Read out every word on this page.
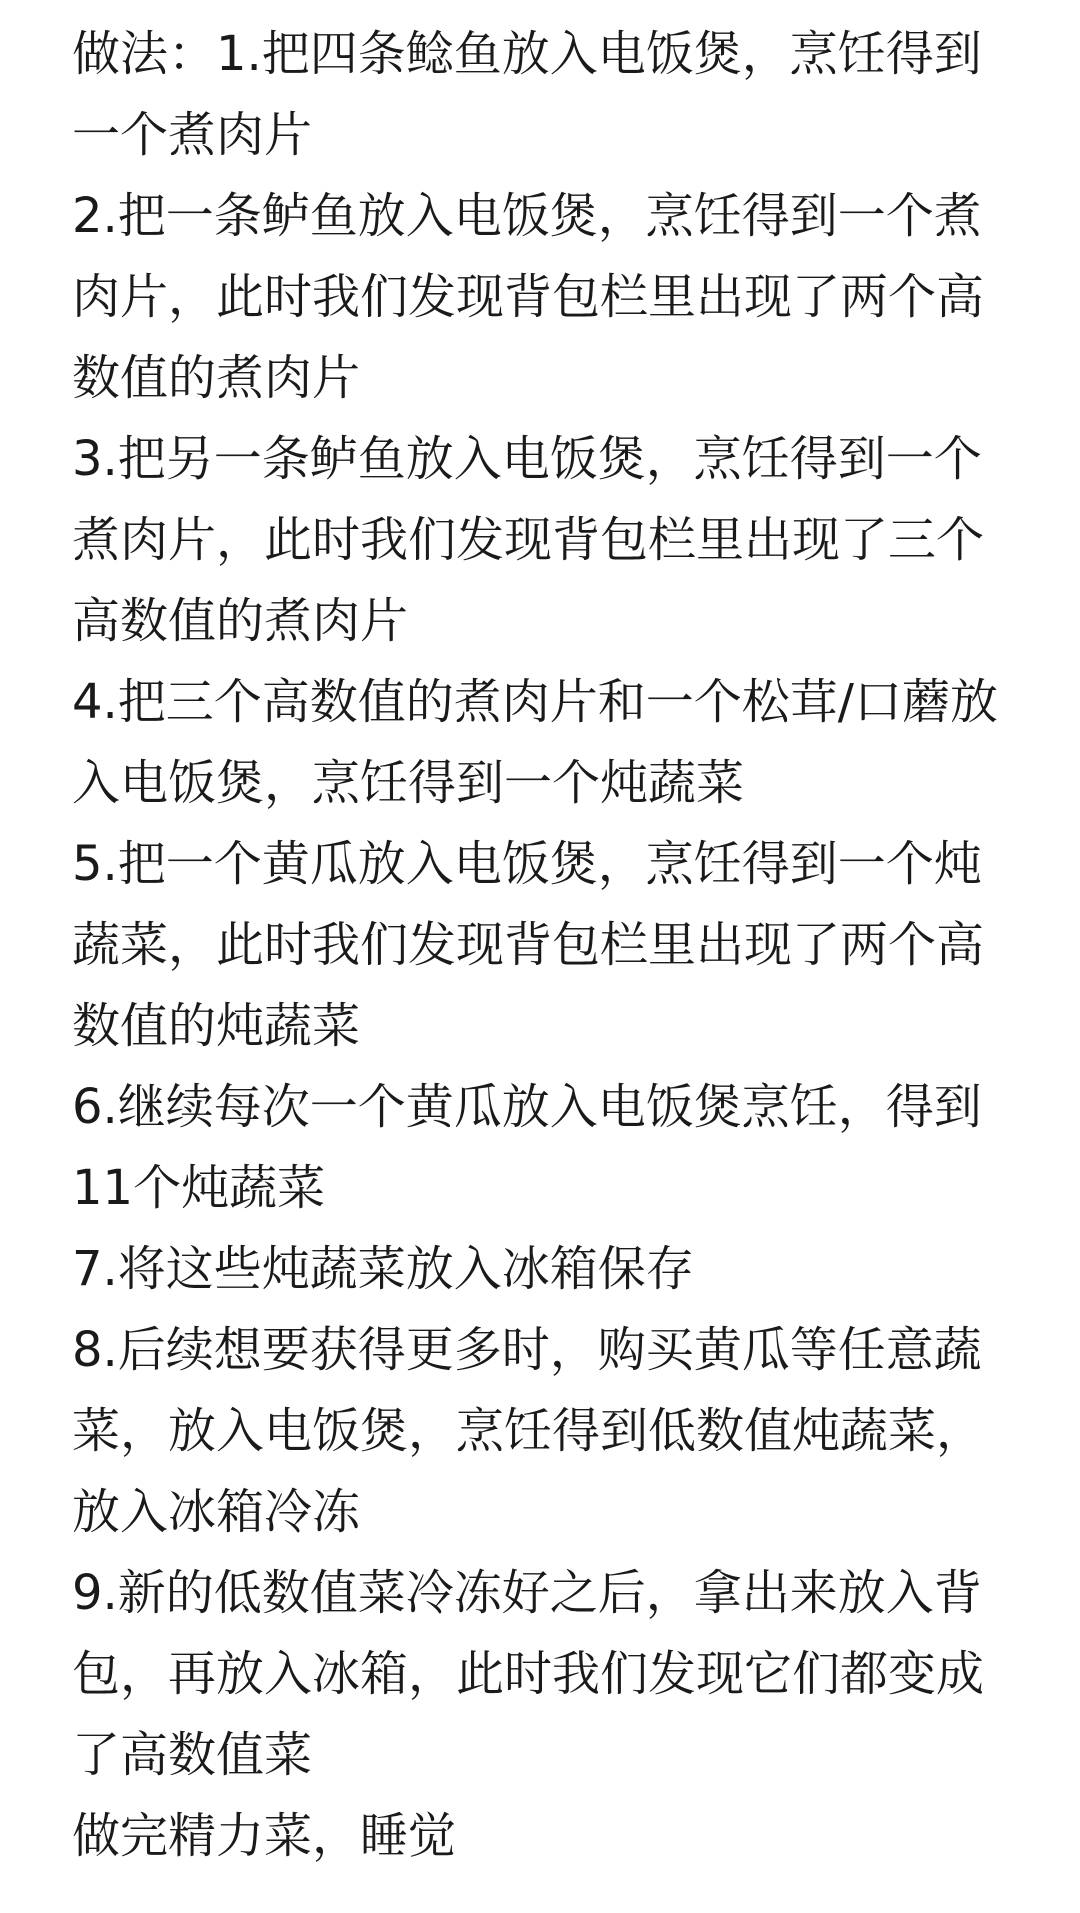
做法：1.把四条鲶鱼放入电饭煲，烹饪得到
一个煮肉片
2.把一条鲈鱼放入电饭煲，烹饪得到一个煮
肉片，此时我们发现背包栏里出现了两个高
数值的煮肉片
3.把另一条鲈鱼放入电饭煲，烹饪得到一个
煮肉片，此时我们发现背包栏里出现了三个
高数值的煮肉片
4.把三个高数值的煮肉片和一个松茸/口蘑放
入电饭煲，烹饪得到一个炖蔬菜
5.把一个黄瓜放入电饭煲，烹饪得到一个炖
蔬菜，此时我们发现背包栏里出现了两个高
数值的炖蔬菜
6.继续每次一个黄瓜放入电饭煲烹饪，得到
11个炖蔬菜
7.将这些炖蔬菜放入冰箱保存
8.后续想要获得更多时，购买黄瓜等任意蔬
菜，放入电饭煲，烹饪得到低数值炖蔬菜，
放入冰箱冷冻
9.新的低数值菜冷冻好之后，拿出来放入背
包，再放入冰箱，此时我们发现它们都变成
了高数值菜
做完精力菜，睡觉
